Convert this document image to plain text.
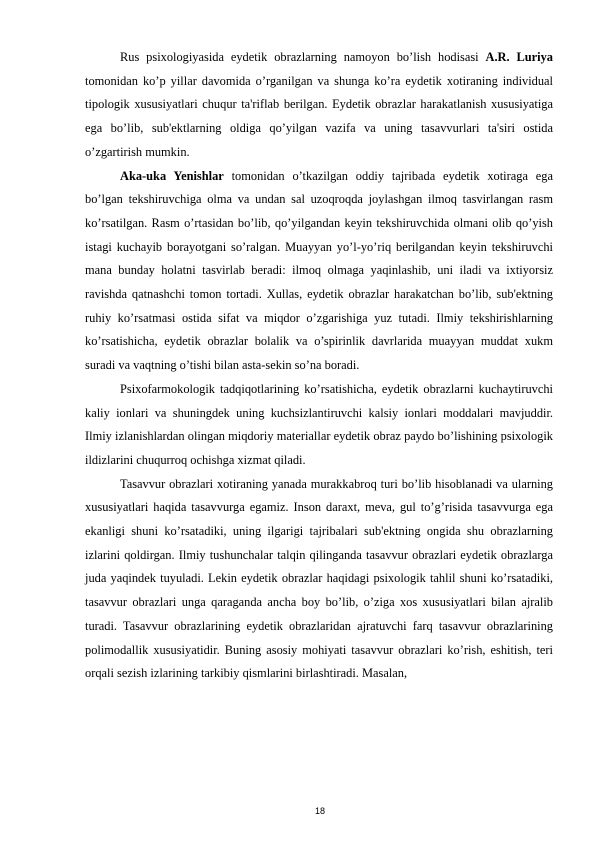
Rus psixologiyasida eydetik obrazlarning namoyon bo’lish hodisasi A.R. Luriya tomonidan ko’p yillar davomida o’rganilgan va shunga ko’ra eydetik xotiraning individual tipologik xususiyatlari chuqur ta'riflab berilgan. Eydetik obrazlar harakatlanish xususiyatiga ega bo’lib, sub'ektlarning oldiga qo’yilgan vazifa va uning tasavvurlari ta'siri ostida o’zgartirish mumkin.

Aka-uka Yenishlar tomonidan o’tkazilgan oddiy tajribada eydetik xotiraga ega bo’lgan tekshiruvchiga olma va undan sal uzoqroqda joylashgan ilmoq tasvirlangan rasm ko’rsatilgan. Rasm o’rtasidan bo’lib, qo’yilgandan keyin tekshiruvchida olmani olib qo’yish istagi kuchayib borayotgani so’ralgan. Muayyan yo’l-yo’riq berilgandan keyin tekshiruvchi mana bunday holatni tasvirlab beradi: ilmoq olmaga yaqinlashib, uni iladi va ixtiyorsiz ravishda qatnashchi tomon tortadi. Xullas, eydetik obrazlar harakatchan bo’lib, sub'ektning ruhiy ko’rsatmasi ostida sifat va miqdor o’zgarishiga yuz tutadi. Ilmiy tekshirishlarning ko’rsatishicha, eydetik obrazlar bolalik va o’spirinlik davrlarida muayyan muddat xukm suradi va vaqtning o’tishi bilan asta-sekin so’na boradi.

Psixofarmokologik tadqiqotlarining ko’rsatishicha, eydetik obrazlarni kuchaytiruvchi kaliy ionlari va shuningdek uning kuchsizlantiruvchi kalsiy ionlari moddalari mavjuddir. Ilmiy izlanishlardan olingan miqdoriy materiallar eydetik obraz paydo bo’lishining psixologik ildizlarini chuqurroq ochishga xizmat qiladi.

Tasavvur obrazlari xotiraning yanada murakkabroq turi bo’lib hisoblanadi va ularning xususiyatlari haqida tasavvurga egamiz. Inson daraxt, meva, gul to’g’risida tasavvurga ega ekanligi shuni ko’rsatadiki, uning ilgarigi tajribalari sub'ektning ongida shu obrazlarning izlarini qoldirgan. Ilmiy tushunchalar talqin qilinganda tasavvur obrazlari eydetik obrazlarga juda yaqindek tuyuladi. Lekin eydetik obrazlar haqidagi psixologik tahlil shuni ko’rsatadiki, tasavvur obrazlari unga qaraganda ancha boy bo’lib, o’ziga xos xususiyatlari bilan ajralib turadi. Tasavvur obrazlarining eydetik obrazlaridan ajratuvchi farq tasavvur obrazlarining polimodallik xususiyatidir. Buning asosiy mohiyati tasavvur obrazlari ko’rish, eshitish, teri orqali sezish izlarining tarkibiy qismlarini birlashtiradi. Masalan,

18
